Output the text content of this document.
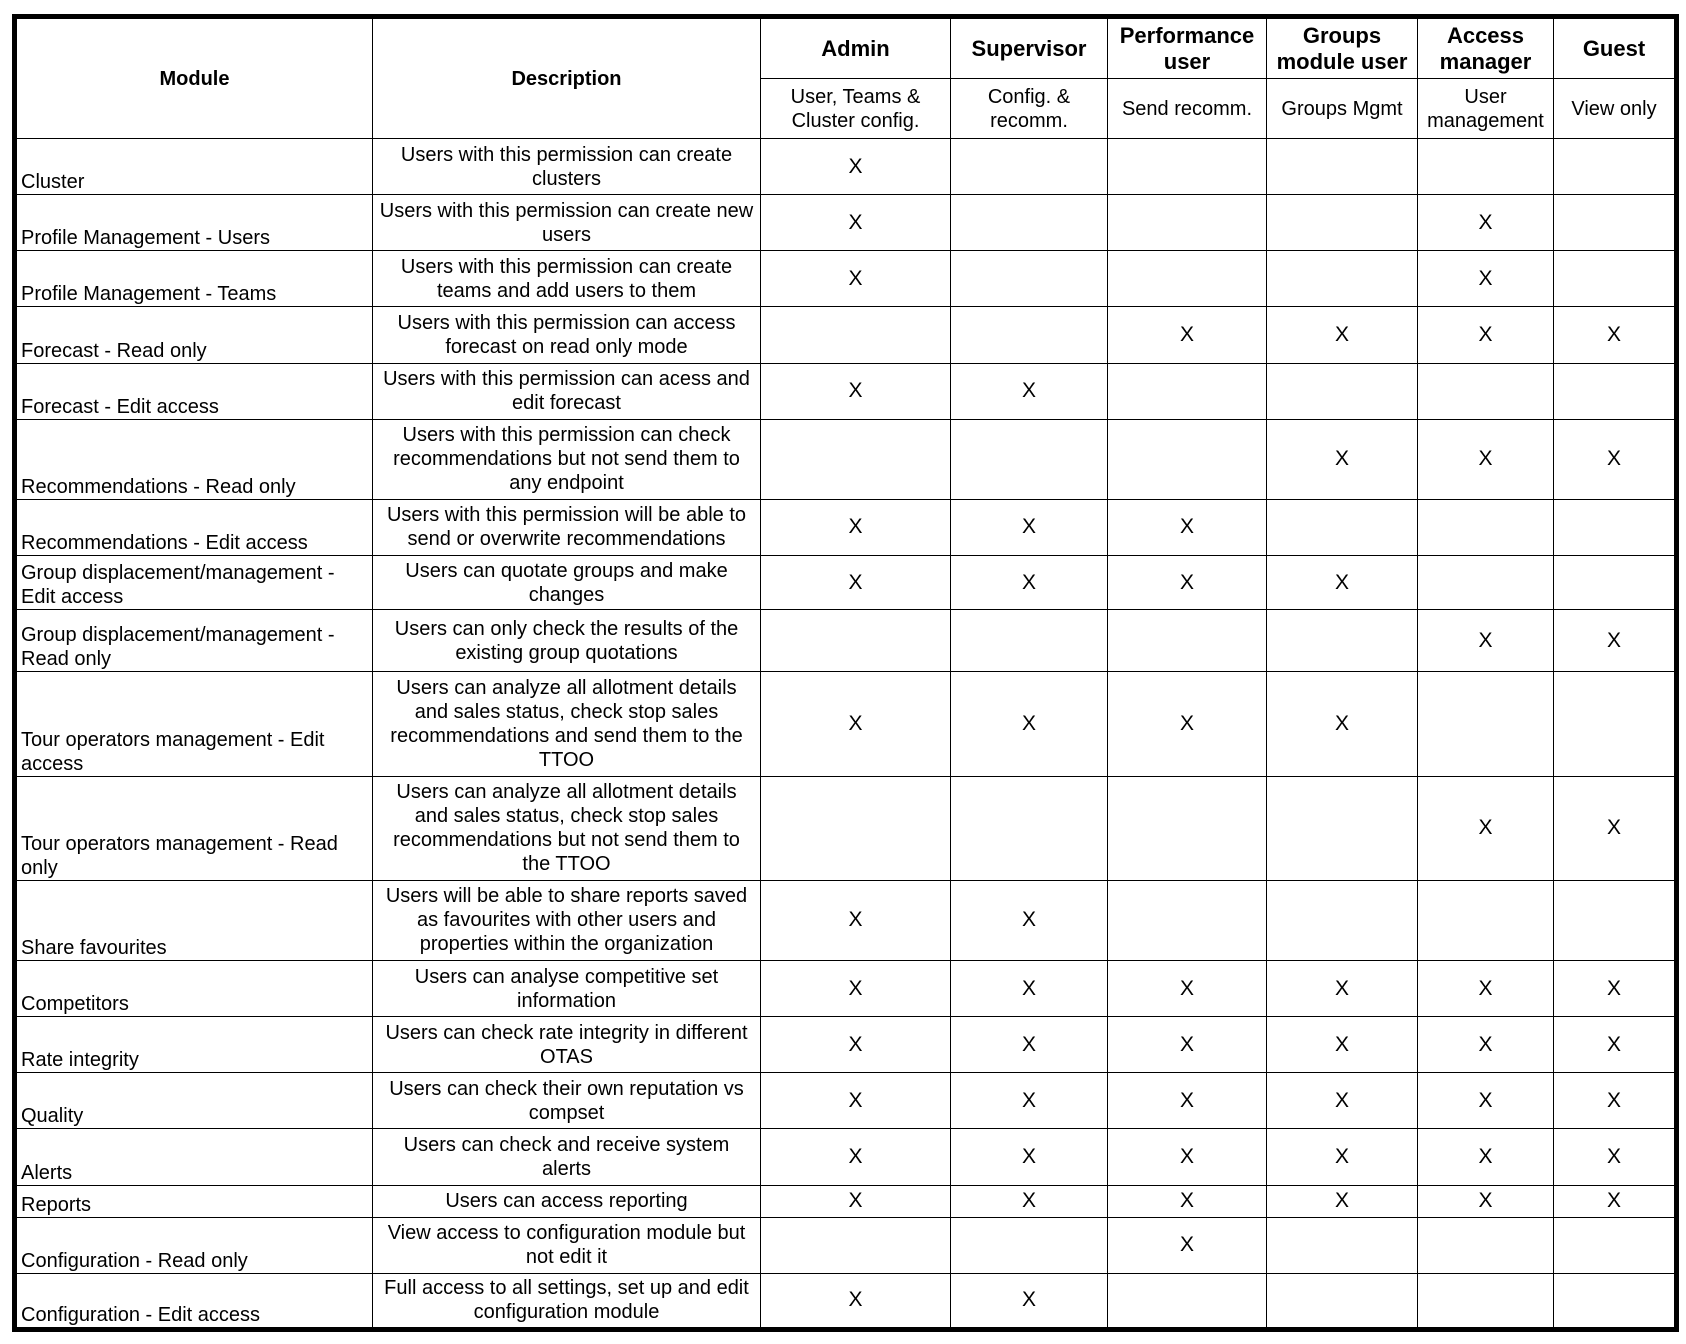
Module	Description	Admin	Supervisor	Performance user	Groups module user	Access manager	Guest
		User, Teams & Cluster config.	Config. & recomm.	Send recomm.	Groups Mgmt	User management	View only
Cluster	Users with this permission can create clusters	X					
Profile Management - Users	Users with this permission can create new users	X				X	
Profile Management - Teams	Users with this permission can create teams and add users to them	X				X	
Forecast - Read only	Users with this permission can access forecast on read only mode			X	X	X	X
Forecast - Edit access	Users with this permission can acess and edit forecast	X	X				
Recommendations - Read only	Users with this permission can check recommendations but not send them to any endpoint				X	X	X
Recommendations - Edit access	Users with this permission will be able to send or overwrite recommendations	X	X	X			
Group displacement/management - Edit access	Users can quotate groups and make changes	X	X	X	X		
Group displacement/management - Read only	Users can only check the results of the existing group quotations					X	X
Tour operators management - Edit access	Users can analyze all allotment details and sales status, check stop sales recommendations and send them to the TTOO	X	X	X	X		
Tour operators management - Read only	Users can analyze all allotment details and sales status, check stop sales recommendations but not send them to the TTOO					X	X
Share favourites	Users will be able to share reports saved as favourites with other users and properties within the organization	X	X				
Competitors	Users can analyse competitive set information	X	X	X	X	X	X
Rate integrity	Users can check rate integrity in different OTAS	X	X	X	X	X	X
Quality	Users can check their own reputation vs compset	X	X	X	X	X	X
Alerts	Users can check and receive system alerts	X	X	X	X	X	X
Reports	Users can access reporting	X	X	X	X	X	X
Configuration - Read only	View access to configuration module but not edit it			X			
Configuration - Edit access	Full access to all settings, set up and edit configuration module	X	X				
